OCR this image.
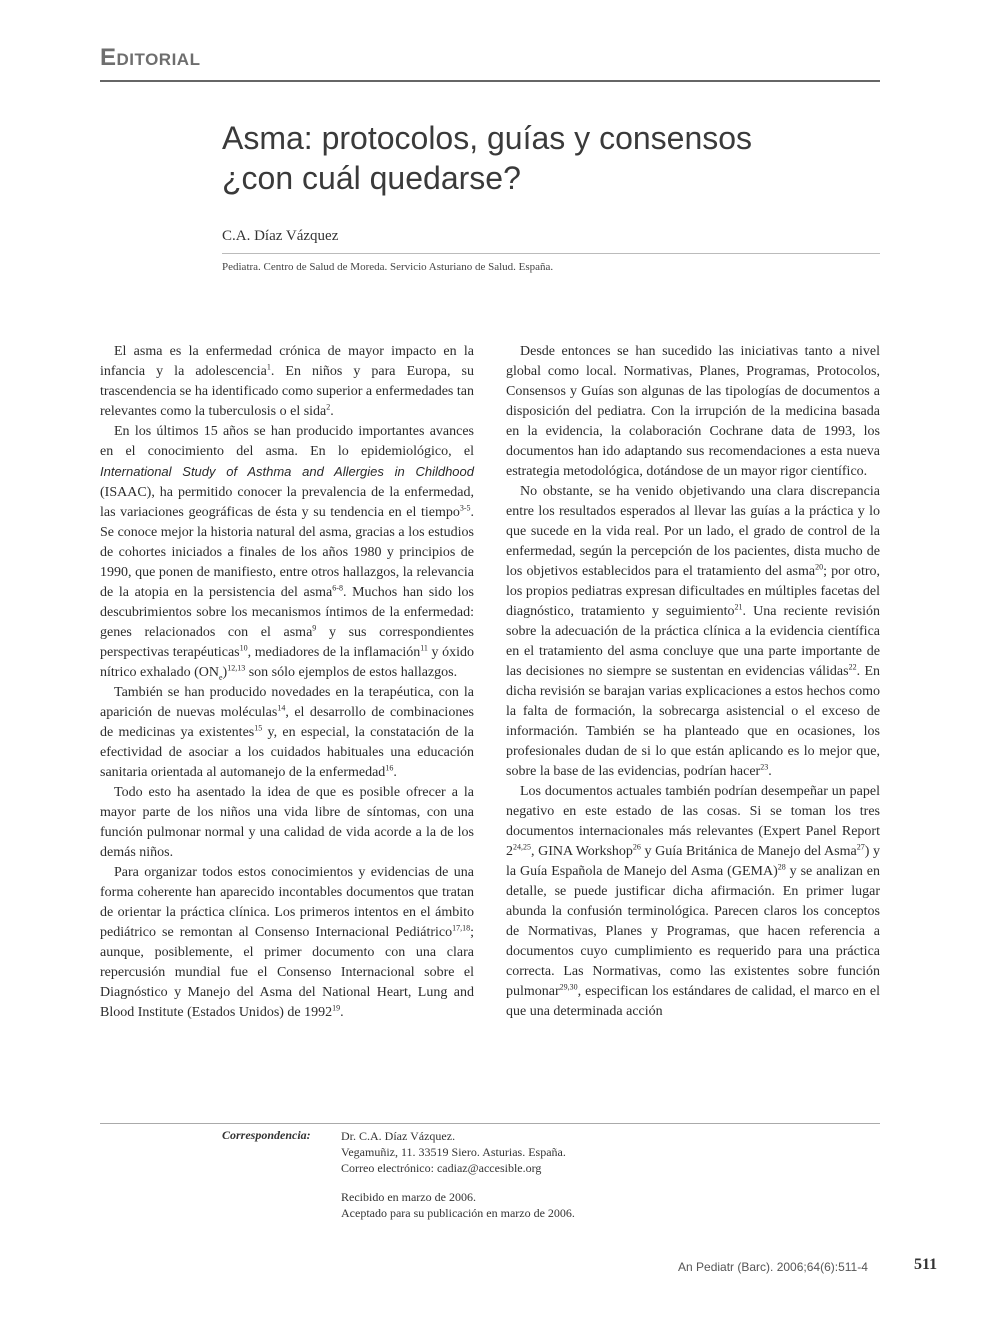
Editorial
Asma: protocolos, guías y consensos
¿con cuál quedarse?
C.A. Díaz Vázquez
Pediatra. Centro de Salud de Moreda. Servicio Asturiano de Salud. España.

El asma es la enfermedad crónica de mayor impacto en la infancia y la adolescencia$^1$. En niños y para Europa, su trascendencia se ha identificado como superior a enfermedades tan relevantes como la tuberculosis o el sida$^2$.

En los últimos 15 años se han producido importantes avances en el conocimiento del asma. En lo epidemiológico, el International Study of Asthma and Allergies in Childhood (ISAAC), ha permitido conocer la prevalencia de la enfermedad, las variaciones geográficas de ésta y su tendencia en el tiempo$^{3-5}$. Se conoce mejor la historia natural del asma, gracias a los estudios de cohortes iniciados a finales de los años 1980 y principios de 1990, que ponen de manifiesto, entre otros hallazgos, la relevancia de la atopia en la persistencia del asma$^{6-8}$. Muchos han sido los descubrimientos sobre los mecanismos íntimos de la enfermedad: genes relacionados con el asma$^9$ y sus correspondientes perspectivas terapéuticas$^{10}$, mediadores de la inflamación$^{11}$ y óxido nítrico exhalado $(ON_e)^{12,13}$ son sólo ejemplos de estos hallazgos.

También se han producido novedades en la terapéutica, con la aparición de nuevas moléculas$^{14}$, el desarrollo de combinaciones de medicinas ya existentes$^{15}$ y, en especial, la constatación de la efectividad de asociar a los cuidados habituales una educación sanitaria orientada al automanejo de la enfermedad$^{16}$.

Todo esto ha asentado la idea de que es posible ofrecer a la mayor parte de los niños una vida libre de síntomas, con una función pulmonar normal y una calidad de vida acorde a la de los demás niños.

Para organizar todos estos conocimientos y evidencias de una forma coherente han aparecido incontables documentos que tratan de orientar la práctica clínica. Los primeros intentos en el ámbito pediátrico se remontan al Consenso Internacional Pediátrico$^{17,18}$; aunque, posiblemente, el primer documento con una clara repercusión mundial fue el Consenso Internacional sobre el Diagnóstico y Manejo del Asma del National Heart, Lung and Blood Institute (Estados Unidos) de 1992$^{19}$.

Desde entonces se han sucedido las iniciativas tanto a nivel global como local. Normativas, Planes, Programas, Protocolos, Consensos y Guías son algunas de las tipologías de documentos a disposición del pediatra. Con la irrupción de la medicina basada en la evidencia, la colaboración Cochrane data de 1993, los documentos han ido adaptando sus recomendaciones a esta nueva estrategia metodológica, dotándose de un mayor rigor científico.

No obstante, se ha venido objetivando una clara discrepancia entre los resultados esperados al llevar las guías a la práctica y lo que sucede en la vida real. Por un lado, el grado de control de la enfermedad, según la percepción de los pacientes, dista mucho de los objetivos establecidos para el tratamiento del asma$^{20}$; por otro, los propios pediatras expresan dificultades en múltiples facetas del diagnóstico, tratamiento y seguimiento$^{21}$. Una reciente revisión sobre la adecuación de la práctica clínica a la evidencia científica en el tratamiento del asma concluye que una parte importante de las decisiones no siempre se sustentan en evidencias válidas$^{22}$. En dicha revisión se barajan varias explicaciones a estos hechos como la falta de formación, la sobrecarga asistencial o el exceso de información. También se ha planteado que en ocasiones, los profesionales dudan de si lo que están aplicando es lo mejor que, sobre la base de las evidencias, podrían hacer$^{23}$.

Los documentos actuales también podrían desempeñar un papel negativo en este estado de las cosas. Si se toman los tres documentos internacionales más relevantes (Expert Panel Report 2$^{24,25}$, GINA Workshop$^{26}$ y Guía Británica de Manejo del Asma$^{27}$) y la Guía Española de Manejo del Asma (GEMA)$^{28}$ y se analizan en detalle, se puede justificar dicha afirmación. En primer lugar abunda la confusión terminológica. Parecen claros los conceptos de Normativas, Planes y Programas, que hacen referencia a documentos cuyo cumplimiento es requerido para una práctica correcta. Las Normativas, como las existentes sobre función pulmonar$^{29,30}$, especifican los estándares de calidad, el marco en el que una determinada acción

Correspondencia:	Dr. C.A. Díaz Vázquez.
Vegamuñiz, 11. 33519 Siero. Asturias. España.
Correo electrónico: cadiaz@accesible.org
Recibido en marzo de 2006.
Aceptado para su publicación en marzo de 2006.
An Pediatr (Barc). 2006;64(6):511-4	511
